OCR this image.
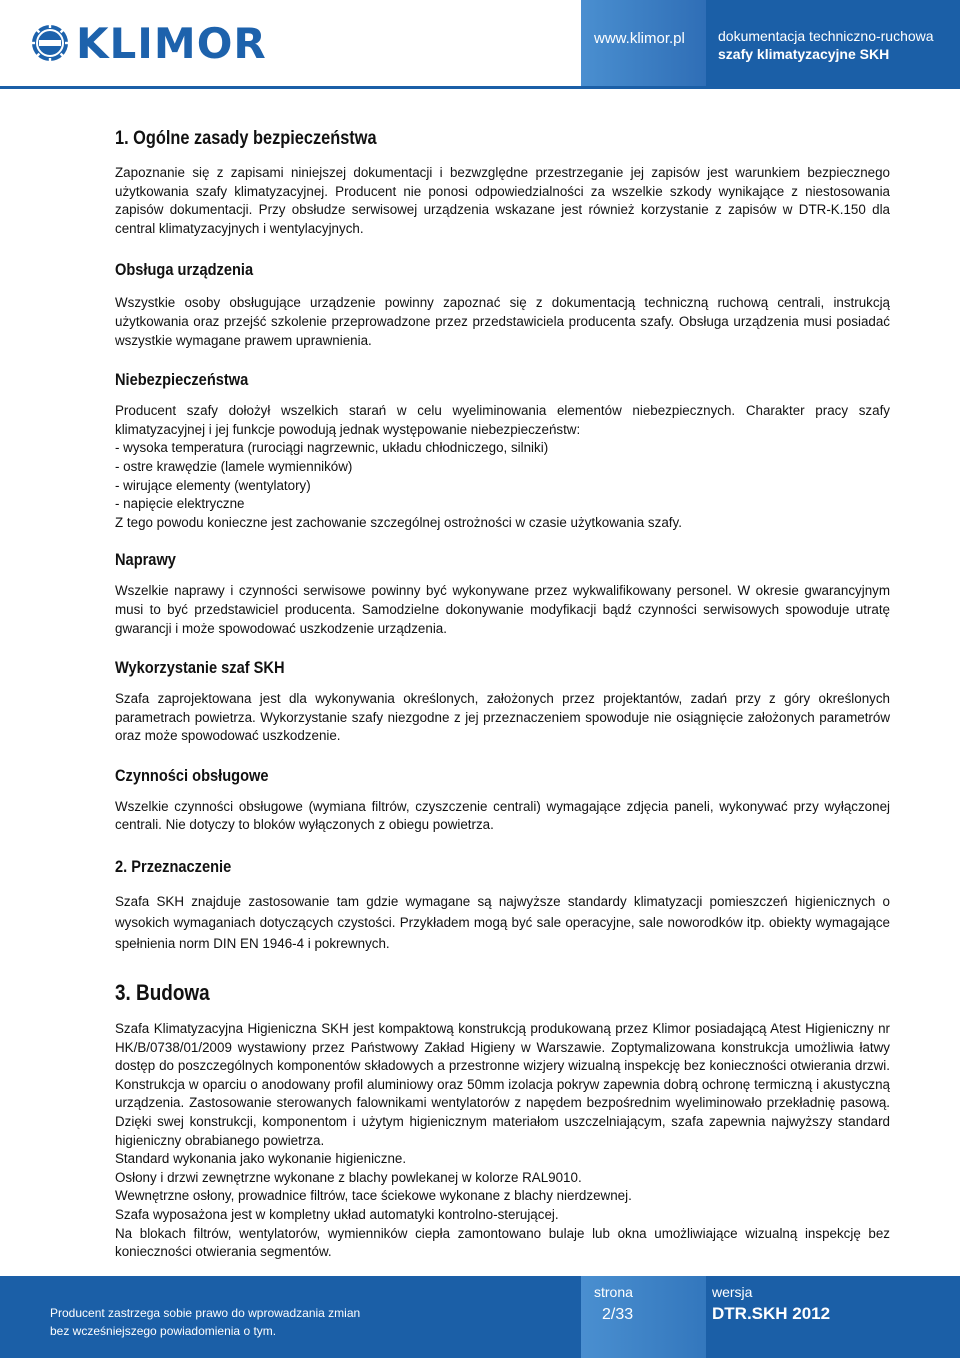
KLIMOR	www.klimor.pl dokumentacja techniczno-ruchowa
szafy klimatyzacyjne SKH
1. Ogólne zasady bezpieczeństwa

Zapoznanie się z zapisami niniejszej dokumentacji i bezwzględne przestrzeganie jej zapisów jest warunkiem bezpiecznego użytkowania szafy klimatyzacyjnej. Producent nie ponosi odpowiedzialności za wszelkie szkody wynikające z niestosowania zapisów dokumentacji. Przy obsłudze serwisowej urządzenia wskazane jest również korzystanie z zapisów w DTR-K.150 dla central klimatyzacyjnych i wentylacyjnych.

Obsługa urządzenia

Wszystkie osoby obsługujące urządzenie powinny zapoznać się z dokumentacją techniczną ruchową centrali, instrukcją użytkowania oraz przejść szkolenie przeprowadzone przez przedstawiciela producenta szafy. Obsługa urządzenia musi posiadać wszystkie wymagane prawem uprawnienia.

Niebezpieczeństwa

Producent szafy dołożył wszelkich starań w celu wyeliminowania elementów niebezpiecznych. Charakter pracy szafy klimatyzacyjnej i jej funkcje powodują jednak występowanie niebezpieczeństw:

- wysoka temperatura (rurociągi nagrzewnic, układu chłodniczego, silniki)
- ostre krawędzie (lamele wymienników)
- wirujące elementy (wentylatory)
- napięcie elektryczne

Z tego powodu konieczne jest zachowanie szczególnej ostrożności w czasie użytkowania szafy.

Naprawy

Wszelkie naprawy i czynności serwisowe powinny być wykonywane przez wykwalifikowany personel. W okresie gwarancyjnym musi to być przedstawiciel producenta. Samodzielne dokonywanie modyfikacji bądź czynności serwisowych spowoduje utratę gwarancji i może spowodować uszkodzenie urządzenia.

Wykorzystanie szaf SKH

Szafa zaprojektowana jest dla wykonywania określonych, założonych przez projektantów, zadań przy z góry określonych parametrach powietrza. Wykorzystanie szafy niezgodne z jej przeznaczeniem spowoduje nie osiągnięcie założonych parametrów oraz może spowodować uszkodzenie.

Czynności obsługowe

Wszelkie czynności obsługowe (wymiana filtrów, czyszczenie centrali) wymagające zdjęcia paneli, wykonywać przy wyłączonej centrali. Nie dotyczy to bloków wyłączonych z obiegu powietrza.

2. Przeznaczenie

Szafa SKH znajduje zastosowanie tam gdzie wymagane są najwyższe standardy klimatyzacji pomieszczeń higienicznych o wysokich wymaganiach dotyczących czystości. Przykładem mogą być sale operacyjne, sale noworodków itp. obiekty wymagające spełnienia norm DIN EN 1946-4 i pokrewnych.

3. Budowa

Szafa Klimatyzacyjna Higieniczna SKH jest kompaktową konstrukcją produkowaną przez Klimor posiadającą Atest Higieniczny nr HK/B/0738/01/2009 wystawiony przez Państwowy Zakład Higieny w Warszawie. Zoptymalizowana konstrukcja umożliwia łatwy dostęp do poszczególnych komponentów składowych a przestronne wizjery wizualną inspekcję bez konieczności otwierania drzwi. Konstrukcja w oparciu o anodowany profil aluminiowy oraz 50mm izolacja pokryw zapewnia dobrą ochronę termiczną i akustyczną urządzenia. Zastosowanie sterowanych falownikami wentylatorów z napędem bezpośrednim wyeliminowało przekładnię pasową. Dzięki swej konstrukcji, komponentom i użytym higienicznym materiałom uszczelniającym, szafa zapewnia najwyższy standard higieniczny obrabianego powietrza.

Standard wykonania jako wykonanie higieniczne.
Osłony i drzwi zewnętrzne wykonane z blachy powlekanej w kolorze RAL9010.
Wewnętrzne osłony, prowadnice filtrów, tace ściekowe wykonane z blachy nierdzewnej.
Szafa wyposażona jest w kompletny układ automatyki kontrolno-sterującej.

Na blokach filtrów, wentylatorów, wymienników ciepła zamontowano bulaje lub okna umożliwiające wizualną inspekcję bez konieczności otwierania segmentów.

Producent zastrzega sobie prawo do wprowadzania zmian
bez wcześniejszego powiadomienia o tym.
strona
2/33
wersja
DTR.SKH 2012
